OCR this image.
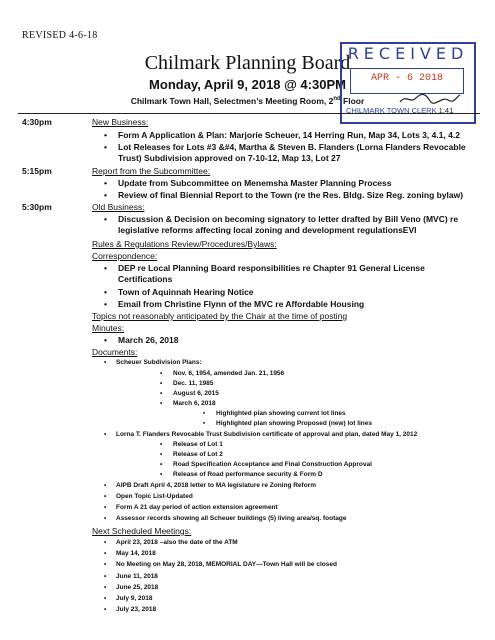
REVISED 4-6-18
Chilmark Planning Board
Monday, April 9, 2018 @ 4:30PM
Chilmark Town Hall, Selectmen’s Meeting Room, 2nd Floor
RECEIVED
APR - 6 2018
CHILMARK TOWN CLERK 1:41
4:30pm	New Business:
•	Form A Application & Plan: Marjorie Scheuer, 14 Herring Run, Map 34, Lots 3, 4.1, 4.2
•	Lot Releases for Lots #3 &#4, Martha & Steven B. Flanders (Lorna Flanders Revocable Trust) Subdivision approved on 7-10-12, Map 13, Lot 27
5:15pm	Report from the Subcommittee:
•	Update from Subcommittee on Menemsha Master Planning Process
•	Review of final Biennial Report to the Town (re the Res. Bldg. Size Reg. zoning bylaw)
5:30pm	Old Business:
•	Discussion & Decision on becoming signatory to letter drafted by Bill Veno (MVC) re legislative reforms affecting local zoning and development regulationsEVI
Rules & Regulations Review/Procedures/Bylaws:
Correspondence:
•	DEP re Local Planning Board responsibilities re Chapter 91 General License Certifications
•	Town of Aquinnah Hearing Notice
•	Email from Christine Flynn of the MVC re Affordable Housing
Topics not reasonably anticipated by the Chair at the time of posting
Minutes:
•	March 26, 2018
Documents:
• Scheuer Subdivision Plans:
• Nov. 6, 1954, amended Jan. 21, 1956
• Dec. 11, 1985
• August 6, 2015
• March 6, 2018
▪ Highlighted plan showing current lot lines
▪ Highlighted plan showing Proposed (new) lot lines
• Lorna T. Flanders Revocable Trust Subdivision certificate of approval and plan, dated May 1, 2012
• Release of Lot 1
• Release of Lot 2
• Road Specification Acceptance and Final Construction Approval
• Release of Road performance security & Form D
• AIPB Draft April 4, 2018 letter to MA legislature re Zoning Reform
• Open Topic List-Updated
• Form A 21 day period of action extension agreement
• Assessor records showing all Scheuer buildings (5) living area/sq. footage
Next Scheduled Meetings:
• April 23, 2018 –also the date of the ATM
• May 14, 2018
• No Meeting on May 28, 2018, MEMORIAL DAY—Town Hall will be closed
• June 11, 2018
• June 25, 2018
• July 9, 2018
• July 23, 2018
